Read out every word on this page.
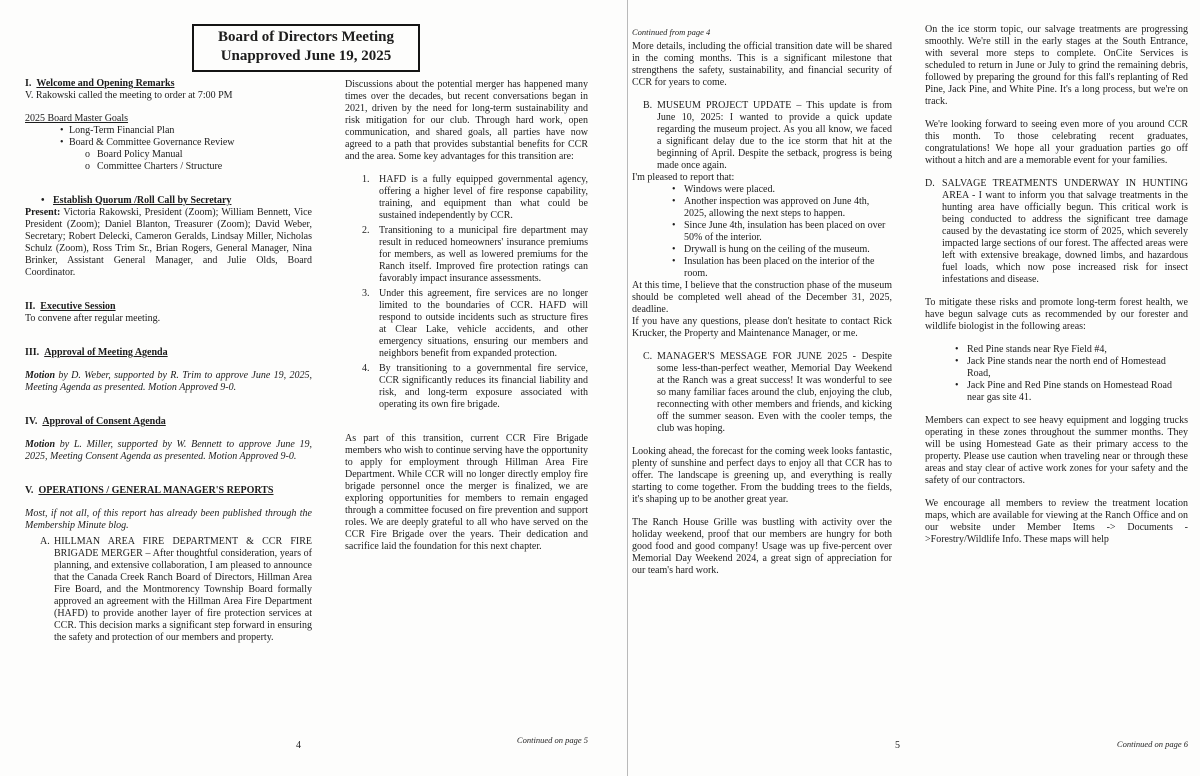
Board of Directors Meeting
Unapproved June 19, 2025
I. Welcome and Opening Remarks

V. Rakowski called the meeting to order at 7:00 PM

2025 Board Master Goals

• Long-Term Financial Plan
• Board & Committee Governance Review
o Board Policy Manual
o Committee Charters / Structure
• Establish Quorum /Roll Call by Secretary

Present: Victoria Rakowski, President (Zoom); William Bennett, Vice President (Zoom); Daniel Blanton, Treasurer (Zoom); David Weber, Secretary; Robert Delecki, Cameron Geralds, Lindsay Miller, Nicholas Schulz (Zoom), Ross Trim Sr., Brian Rogers, General Manager, Nina Brinker, Assistant General Manager, and Julie Olds, Board Coordinator.

II. Executive Session

To convene after regular meeting.

III. Approval of Meeting Agenda

Motion by D. Weber, supported by R. Trim to approve June 19, 2025, Meeting Agenda as presented. Motion Approved 9-0.

IV. Approval of Consent Agenda

Motion by L. Miller, supported by W. Bennett to approve June 19, 2025, Meeting Consent Agenda as presented. Motion Approved 9-0.

V. OPERATIONS / GENERAL MANAGER'S REPORTS

Most, if not all, of this report has already been published through the Membership Minute blog.

A. HILLMAN AREA FIRE DEPARTMENT & CCR FIRE BRIGADE MERGER – After thoughtful consideration, years of planning, and extensive collaboration, I am pleased to announce that the Canada Creek Ranch Board of Directors, Hillman Area Fire Board, and the Montmorency Township Board formally approved an agreement with the Hillman Area Fire Department (HAFD) to provide another layer of fire protection services at CCR. This decision marks a significant step forward in ensuring the safety and protection of our members and property.

Discussions about the potential merger has happened many times over the decades, but recent conversations began in 2021, driven by the need for long-term sustainability and risk mitigation for our club. Through hard work, open communication, and shared goals, all parties have now agreed to a path that provides substantial benefits for CCR and the area. Some key advantages for this transition are:

1. HAFD is a fully equipped governmental agency, offering a higher level of fire response capability, training, and equipment than what could be sustained independently by CCR.
2. Transitioning to a municipal fire department may result in reduced homeowners' insurance premiums for members, as well as lowered premiums for the Ranch itself. Improved fire protection ratings can favorably impact insurance assessments.
3. Under this agreement, fire services are no longer limited to the boundaries of CCR. HAFD will respond to outside incidents such as structure fires at Clear Lake, vehicle accidents, and other emergency situations, ensuring our members and neighbors benefit from expanded protection.
4. By transitioning to a governmental fire service, CCR significantly reduces its financial liability and risk, and long-term exposure associated with operating its own fire brigade.

As part of this transition, current CCR Fire Brigade members who wish to continue serving have the opportunity to apply for employment through Hillman Area Fire Department. While CCR will no longer directly employ fire brigade personnel once the merger is finalized, we are exploring opportunities for members to remain engaged through a committee focused on fire prevention and support roles. We are deeply grateful to all who have served on the CCR Fire Brigade over the years. Their dedication and sacrifice laid the foundation for this next chapter.

4	Continued on page 5
Continued from page 4

More details, including the official transition date will be shared in the coming months. This is a significant milestone that strengthens the safety, sustainability, and financial security of CCR for years to come.

B. MUSEUM PROJECT UPDATE – This update is from June 10, 2025: I wanted to provide a quick update regarding the museum project. As you all know, we faced a significant delay due to the ice storm that hit at the beginning of April. Despite the setback, progress is being made once again.

I'm pleased to report that:

• Windows were placed.
• Another inspection was approved on June 4th, 2025, allowing the next steps to happen.
• Since June 4th, insulation has been placed on over 50% of the interior.
• Drywall is hung on the ceiling of the museum.
• Insulation has been placed on the interior of the room.

At this time, I believe that the construction phase of the museum should be completed well ahead of the December 31, 2025, deadline.

If you have any questions, please don't hesitate to contact Rick Krucker, the Property and Maintenance Manager, or me.

C. MANAGER'S MESSAGE FOR JUNE 2025 - Despite some less-than-perfect weather, Memorial Day Weekend at the Ranch was a great success! It was wonderful to see so many familiar faces around the club, enjoying the club, reconnecting with other members and friends, and kicking off the summer season. Even with the cooler temps, the club was hoping.

Looking ahead, the forecast for the coming week looks fantastic, plenty of sunshine and perfect days to enjoy all that CCR has to offer. The landscape is greening up, and everything is really starting to come together. From the budding trees to the fields, it's shaping up to be another great year.

The Ranch House Grille was bustling with activity over the holiday weekend, proof that our members are hungry for both good food and good company! Usage was up five-percent over Memorial Day Weekend 2024, a great sign of appreciation for our team's hard work.

On the ice storm topic, our salvage treatments are progressing smoothly. We're still in the early stages at the South Entrance, with several more steps to complete. OnCite Services is scheduled to return in June or July to grind the remaining debris, followed by preparing the ground for this fall's replanting of Red Pine, Jack Pine, and White Pine. It's a long process, but we're on track.

We're looking forward to seeing even more of you around CCR this month. To those celebrating recent graduates, congratulations! We hope all your graduation parties go off without a hitch and are a memorable event for your families.

D. SALVAGE TREATMENTS UNDERWAY IN HUNTING AREA - I want to inform you that salvage treatments in the hunting area have officially begun. This critical work is being conducted to address the significant tree damage caused by the devastating ice storm of 2025, which severely impacted large sections of our forest. The affected areas were left with extensive breakage, downed limbs, and hazardous fuel loads, which now pose increased risk for insect infestations and disease.

To mitigate these risks and promote long-term forest health, we have begun salvage cuts as recommended by our forester and wildlife biologist in the following areas:

• Red Pine stands near Rye Field #4,
• Jack Pine stands near the north end of Homestead Road,
• Jack Pine and Red Pine stands on Homestead Road near gas site 41.

Members can expect to see heavy equipment and logging trucks operating in these zones throughout the summer months. They will be using Homestead Gate as their primary access to the property. Please use caution when traveling near or through these areas and stay clear of active work zones for your safety and the safety of our contractors.

We encourage all members to review the treatment location maps, which are available for viewing at the Ranch Office and on our website under Member Items -> Documents - >Forestry/Wildlife Info. These maps will help

5	Continued on page 6
